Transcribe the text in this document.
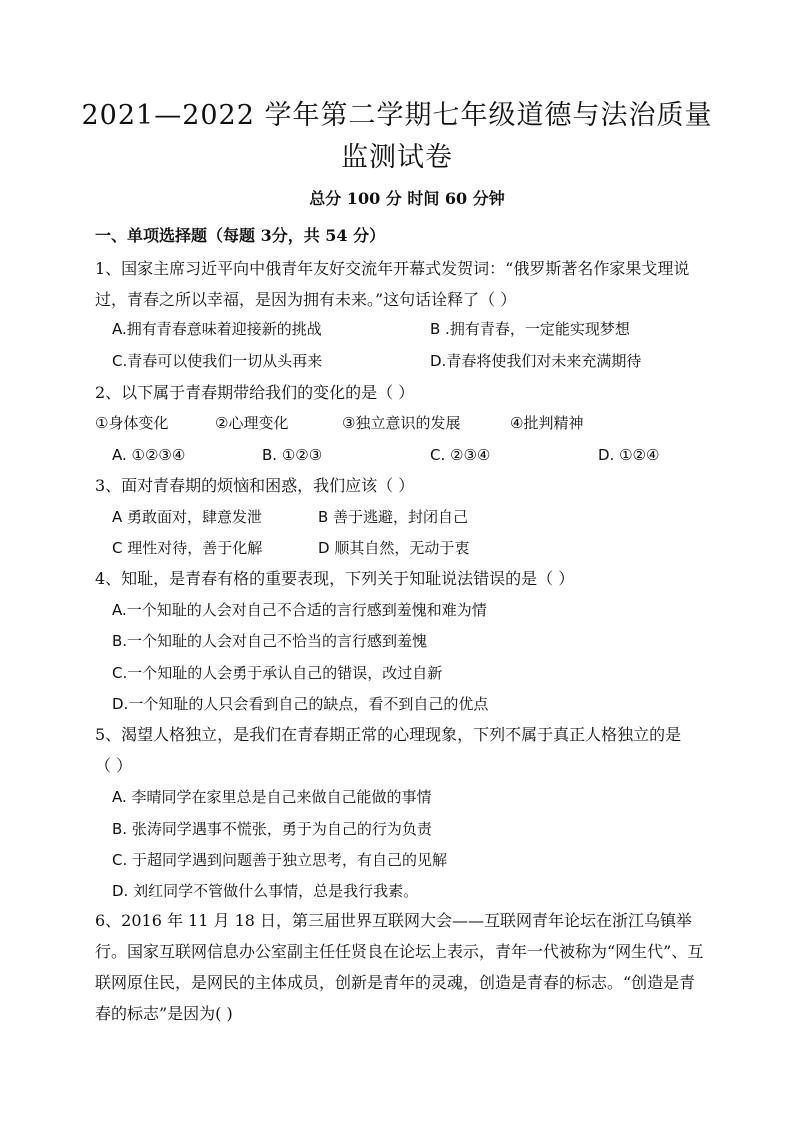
2021—2022 学年第二学期七年级道德与法治质量
监测试卷
总分 100 分 时间 60 分钟
一、单项选择题（每题 3分，共 54 分）
1、国家主席习近平向中俄青年友好交流年开幕式发贺词：“俄罗斯著名作家果戈理说
过，青春之所以幸福，是因为拥有未来。”这句话诠释了（ ）
A.拥有青春意味着迎接新的挑战	B .拥有青春，一定能实现梦想
C.青春可以使我们一切从头再来	D.青春将使我们对未来充满期待
2、以下属于青春期带给我们的变化的是（ ）
①身体变化	②心理变化	③独立意识的发展	④批判精神
A. ①②③④	B. ①②③	C. ②③④	D. ①②④
3、面对青春期的烦恼和困惑，我们应该（ ）
A 勇敢面对，肆意发泄	B 善于逃避，封闭自己
C 理性对待，善于化解	D 顺其自然，无动于衷
4、知耻，是青春有格的重要表现，下列关于知耻说法错误的是（ ）
A.一个知耻的人会对自己不合适的言行感到羞愧和难为情
B.一个知耻的人会对自己不恰当的言行感到羞愧
C.一个知耻的人会勇于承认自己的错误，改过自新
D.一个知耻的人只会看到自己的缺点，看不到自己的优点
5、渴望人格独立，是我们在青春期正常的心理现象，下列不属于真正人格独立的是
（ ）
A. 李晴同学在家里总是自己来做自己能做的事情
B. 张涛同学遇事不慌张，勇于为自己的行为负责
C. 于超同学遇到问题善于独立思考，有自己的见解
D. 刘红同学不管做什么事情，总是我行我素。
6、2016 年 11 月 18 日，第三届世界互联网大会——互联网青年论坛在浙江乌镇举行。国家互联网信息办公室副主任任贤良在论坛上表示，青年一代被称为“网生代”、互联网原住民，是网民的主体成员，创新是青年的灵魂，创造是青春的标志。“创造是青春的标志”是因为( )
